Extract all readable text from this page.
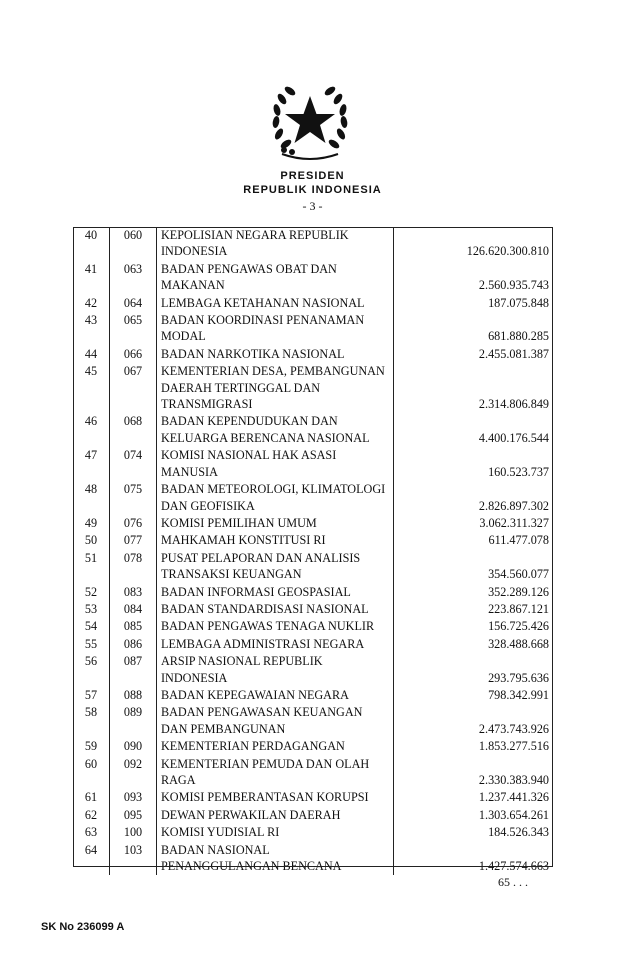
PRESIDEN
REPUBLIK INDONESIA
- 3 -
40	060	KEPOLISIAN NEGARA REPUBLIK INDONESIA	126.620.300.810
41	063	BADAN PENGAWAS OBAT DAN MAKANAN	2.560.935.743
42	064	LEMBAGA KETAHANAN NASIONAL	187.075.848
43	065	BADAN KOORDINASI PENANAMAN MODAL	681.880.285
44	066	BADAN NARKOTIKA NASIONAL	2.455.081.387
45	067	KEMENTERIAN DESA, PEMBANGUNAN DAERAH TERTINGGAL DAN TRANSMIGRASI	2.314.806.849
46	068	BADAN KEPENDUDUKAN DAN KELUARGA BERENCANA NASIONAL	4.400.176.544
47	074	KOMISI NASIONAL HAK ASASI MANUSIA	160.523.737
48	075	BADAN METEOROLOGI, KLIMATOLOGI DAN GEOFISIKA	2.826.897.302
49	076	KOMISI PEMILIHAN UMUM	3.062.311.327
50	077	MAHKAMAH KONSTITUSI RI	611.477.078
51	078	PUSAT PELAPORAN DAN ANALISIS TRANSAKSI KEUANGAN	354.560.077
52	083	BADAN INFORMASI GEOSPASIAL	352.289.126
53	084	BADAN STANDARDISASI NASIONAL	223.867.121
54	085	BADAN PENGAWAS TENAGA NUKLIR	156.725.426
55	086	LEMBAGA ADMINISTRASI NEGARA	328.488.668
56	087	ARSIP NASIONAL REPUBLIK INDONESIA	293.795.636
57	088	BADAN KEPEGAWAIAN NEGARA	798.342.991
58	089	BADAN PENGAWASAN KEUANGAN DAN PEMBANGUNAN	2.473.743.926
59	090	KEMENTERIAN PERDAGANGAN	1.853.277.516
60	092	KEMENTERIAN PEMUDA DAN OLAH RAGA	2.330.383.940
61	093	KOMISI PEMBERANTASAN KORUPSI	1.237.441.326
62	095	DEWAN PERWAKILAN DAERAH	1.303.654.261
63	100	KOMISI YUDISIAL RI	184.526.343
64	103	BADAN NASIONAL PENANGGULANGAN BENCANA	1.427.574.663
65 . . .
SK No 236099 A
